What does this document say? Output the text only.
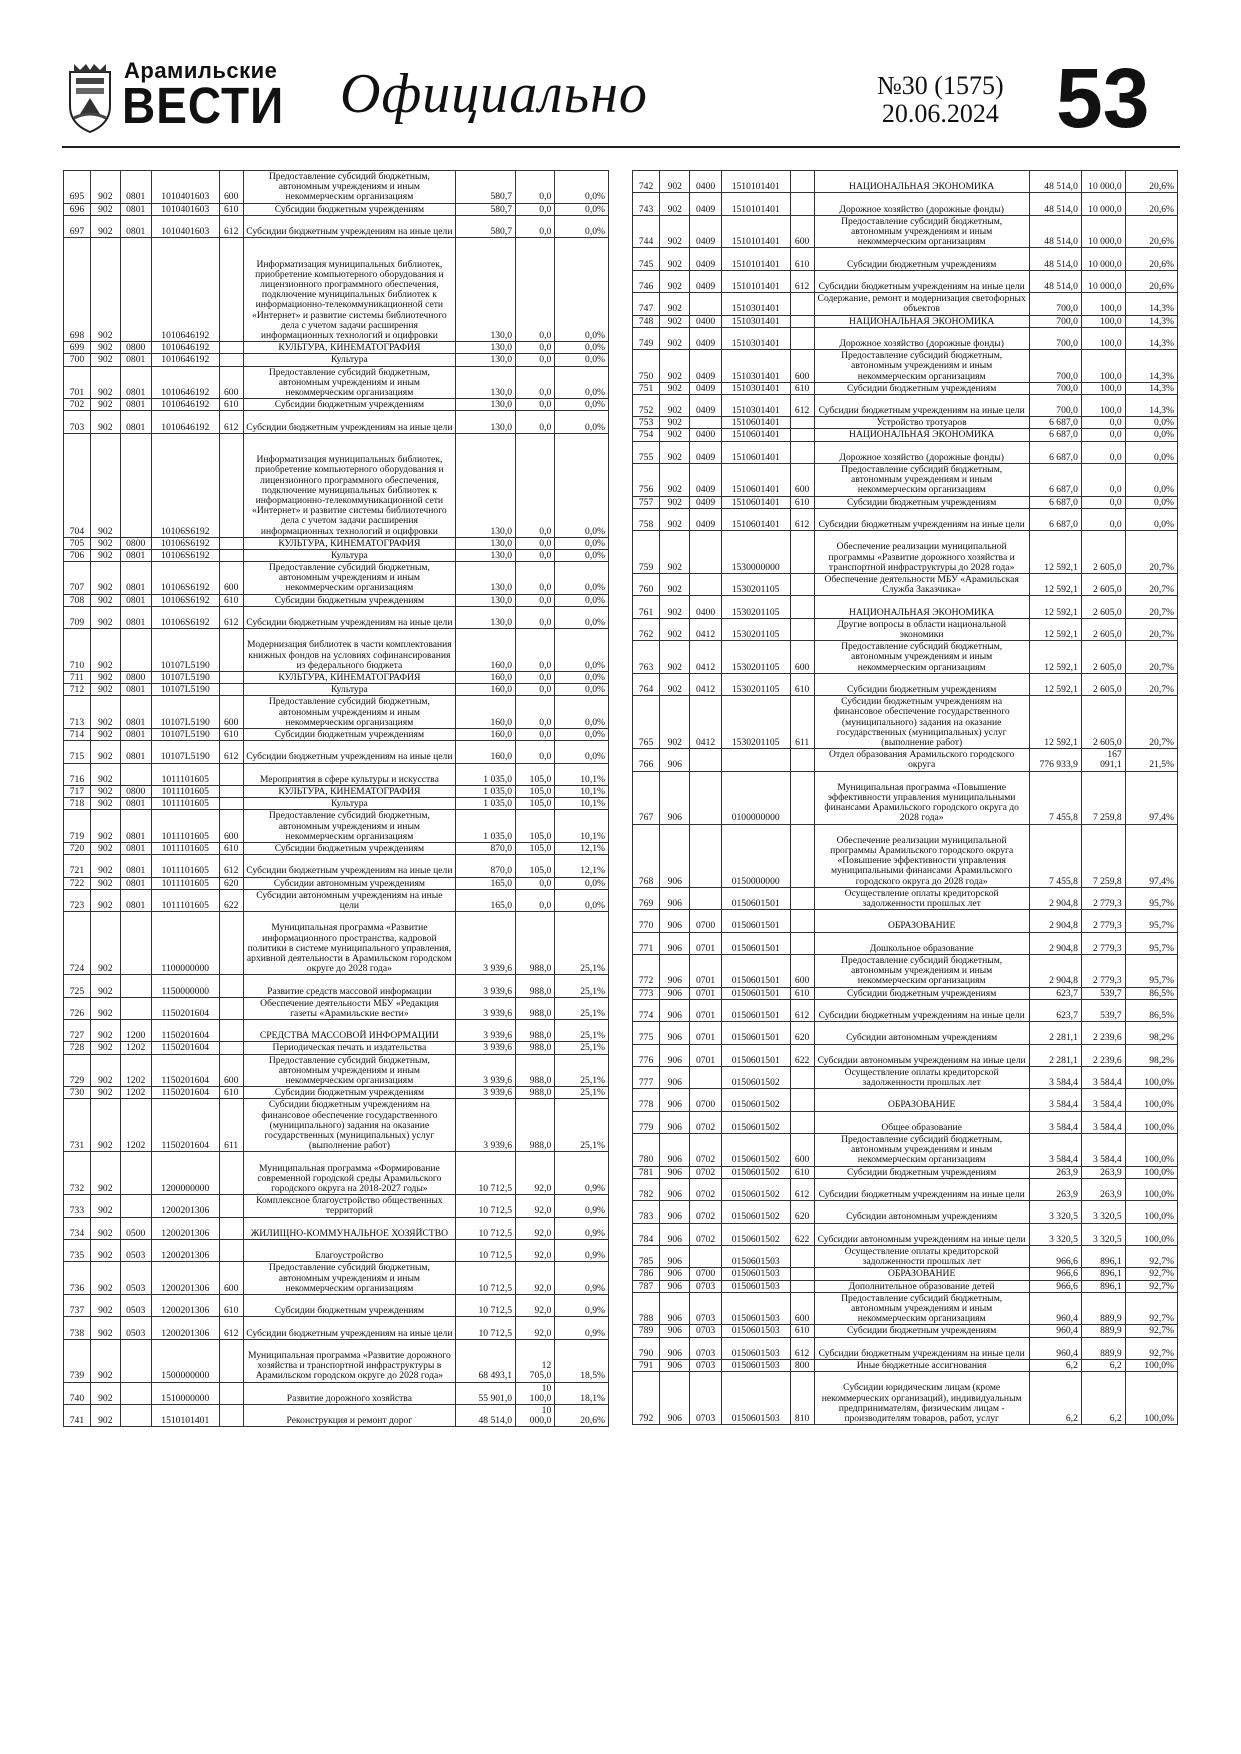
Арамильские
ВЕСТИ Официально	№30 (1575)
20.06.2024 53
695	902	0801	1010401603	600	Предоставление субсидий бюджетным, автономным учреждениям и иным некоммерческим организациям	580,7	0,0	0,0%
696	902	0801	1010401603	610	Субсидии бюджетным учреждениям	580,7	0,0	0,0%
697	902	0801	1010401603	612	Субсидии бюджетным учреждениям на иные цели	580,7	0,0	0,0%
698	902		1010646192		Информатизация муниципальных библиотек, приобретение компьютерного оборудования и лицензионного программного обеспечения, подключение муниципальных библиотек к информационно-телекоммуникационной сети «Интернет» и развитие системы библиотечного дела с учетом задачи расширения информационных технологий и оцифровки	130,0	0,0	0,0%
699	902	0800	1010646192		КУЛЬТУРА, КИНЕМАТОГРАФИЯ	130,0	0,0	0,0%
700	902	0801	1010646192		Культура	130,0	0,0	0,0%
701	902	0801	1010646192	600	Предоставление субсидий бюджетным, автономным учреждениям и иным некоммерческим организациям	130,0	0,0	0,0%
702	902	0801	1010646192	610	Субсидии бюджетным учреждениям	130,0	0,0	0,0%
703	902	0801	1010646192	612	Субсидии бюджетным учреждениям на иные цели	130,0	0,0	0,0%
704	902		10106S6192		Информатизация муниципальных библиотек, приобретение компьютерного оборудования и лицензионного программного обеспечения, подключение муниципальных библиотек к информационно-телекоммуникационной сети «Интернет» и развитие системы библиотечного дела с учетом задачи расширения информационных технологий и оцифровки	130,0	0,0	0,0%
705	902	0800	10106S6192		КУЛЬТУРА, КИНЕМАТОГРАФИЯ	130,0	0,0	0,0%
706	902	0801	10106S6192		Культура	130,0	0,0	0,0%
707	902	0801	10106S6192	600	Предоставление субсидий бюджетным, автономным учреждениям и иным некоммерческим организациям	130,0	0,0	0,0%
708	902	0801	10106S6192	610	Субсидии бюджетным учреждениям	130,0	0,0	0,0%
709	902	0801	10106S6192	612	Субсидии бюджетным учреждениям на иные цели	130,0	0,0	0,0%
710	902		10107L5190		Модернизация библиотек в части комплектования книжных фондов на условиях софинансирования из федерального бюджета	160,0	0,0	0,0%
711	902	0800	10107L5190		КУЛЬТУРА, КИНЕМАТОГРАФИЯ	160,0	0,0	0,0%
712	902	0801	10107L5190		Культура	160,0	0,0	0,0%
713	902	0801	10107L5190	600	Предоставление субсидий бюджетным, автономным учреждениям и иным некоммерческим организациям	160,0	0,0	0,0%
714	902	0801	10107L5190	610	Субсидии бюджетным учреждениям	160,0	0,0	0,0%
715	902	0801	10107L5190	612	Субсидии бюджетным учреждениям на иные цели	160,0	0,0	0,0%
716	902		1011101605		Мероприятия в сфере культуры и искусства	1 035,0	105,0	10,1%
717	902	0800	1011101605		КУЛЬТУРА, КИНЕМАТОГРАФИЯ	1 035,0	105,0	10,1%
718	902	0801	1011101605		Культура	1 035,0	105,0	10,1%
719	902	0801	1011101605	600	Предоставление субсидий бюджетным, автономным учреждениям и иным некоммерческим организациям	1 035,0	105,0	10,1%
720	902	0801	1011101605	610	Субсидии бюджетным учреждениям	870,0	105,0	12,1%
721	902	0801	1011101605	612	Субсидии бюджетным учреждениям на иные цели	870,0	105,0	12,1%
722	902	0801	1011101605	620	Субсидии автономным учреждениям	165,0	0,0	0,0%
723	902	0801	1011101605	622	Субсидии автономным учреждениям на иные цели	165,0	0,0	0,0%
724	902		1100000000		Муниципальная программа «Развитие информационного пространства, кадровой политики в системе муниципального управления, архивной деятельности в Арамильском городском округе до 2028 года»	3 939,6	988,0	25,1%
725	902		1150000000		Развитие средств массовой информации	3 939,6	988,0	25,1%
726	902		1150201604		Обеспечение деятельности МБУ «Редакция газеты «Арамильские вести»	3 939,6	988,0	25,1%
727	902	1200	1150201604		СРЕДСТВА МАССОВОЙ ИНФОРМАЦИИ	3 939,6	988,0	25,1%
728	902	1202	1150201604		Периодическая печать и издательства	3 939,6	988,0	25,1%
729	902	1202	1150201604	600	Предоставление субсидий бюджетным, автономным учреждениям и иным некоммерческим организациям	3 939,6	988,0	25,1%
730	902	1202	1150201604	610	Субсидии бюджетным учреждениям	3 939,6	988,0	25,1%
731	902	1202	1150201604	611	Субсидии бюджетным учреждениям на финансовое обеспечение государственного (муниципального) задания на оказание государственных (муниципальных) услуг (выполнение работ)	3 939,6	988,0	25,1%
732	902		1200000000		Муниципальная программа «Формирование современной городской среды Арамильского городского округа на 2018-2027 годы»	10 712,5	92,0	0,9%
733	902		1200201306		Комплексное благоустройство общественных территорий	10 712,5	92,0	0,9%
734	902	0500	1200201306		ЖИЛИЩНО-КОММУНАЛЬНОЕ ХОЗЯЙСТВО	10 712,5	92,0	0,9%
735	902	0503	1200201306		Благоустройство	10 712,5	92,0	0,9%
736	902	0503	1200201306	600	Предоставление субсидий бюджетным, автономным учреждениям и иным некоммерческим организациям	10 712,5	92,0	0,9%
737	902	0503	1200201306	610	Субсидии бюджетным учреждениям	10 712,5	92,0	0,9%
738	902	0503	1200201306	612	Субсидии бюджетным учреждениям на иные цели	10 712,5	92,0	0,9%
739	902		1500000000		Муниципальная программа «Развитие дорожного хозяйства и транспортной инфраструктуры в Арамильском городском округе до 2028 года»	68 493,1	12 705,0	18,5%
740	902		1510000000		Развитие дорожного хозяйства	55 901,0	10 100,0	18,1%
741	902		1510101401		Реконструкция и ремонт дорог	48 514,0	10 000,0	20,6%
742	902	0400	1510101401		НАЦИОНАЛЬНАЯ ЭКОНОМИКА	48 514,0	10 000,0	20,6%
743	902	0409	1510101401		Дорожное хозяйство (дорожные фонды)	48 514,0	10 000,0	20,6%
744	902	0409	1510101401	600	Предоставление субсидий бюджетным, автономным учреждениям и иным некоммерческим организациям	48 514,0	10 000,0	20,6%
745	902	0409	1510101401	610	Субсидии бюджетным учреждениям	48 514,0	10 000,0	20,6%
746	902	0409	1510101401	612	Субсидии бюджетным учреждениям на иные цели	48 514,0	10 000,0	20,6%
747	902		1510301401		Содержание, ремонт и модернизация светофорных объектов	700,0	100,0	14,3%
748	902	0400	1510301401		НАЦИОНАЛЬНАЯ ЭКОНОМИКА	700,0	100,0	14,3%
749	902	0409	1510301401		Дорожное хозяйство (дорожные фонды)	700,0	100,0	14,3%
750	902	0409	1510301401	600	Предоставление субсидий бюджетным, автономным учреждениям и иным некоммерческим организациям	700,0	100,0	14,3%
751	902	0409	1510301401	610	Субсидии бюджетным учреждениям	700,0	100,0	14,3%
752	902	0409	1510301401	612	Субсидии бюджетным учреждениям на иные цели	700,0	100,0	14,3%
753	902		1510601401		Устройство тротуаров	6 687,0	0,0	0,0%
754	902	0400	1510601401		НАЦИОНАЛЬНАЯ ЭКОНОМИКА	6 687,0	0,0	0,0%
755	902	0409	1510601401		Дорожное хозяйство (дорожные фонды)	6 687,0	0,0	0,0%
756	902	0409	1510601401	600	Предоставление субсидий бюджетным, автономным учреждениям и иным некоммерческим организациям	6 687,0	0,0	0,0%
757	902	0409	1510601401	610	Субсидии бюджетным учреждениям	6 687,0	0,0	0,0%
758	902	0409	1510601401	612	Субсидии бюджетным учреждениям на иные цели	6 687,0	0,0	0,0%
759	902		1530000000		Обеспечение реализации муниципальной программы «Развитие дорожного хозяйства и транспортной инфраструктуры до 2028 года»	12 592,1	2 605,0	20,7%
760	902		1530201105		Обеспечение деятельности МБУ «Арамильская Служба Заказчика»	12 592,1	2 605,0	20,7%
761	902	0400	1530201105		НАЦИОНАЛЬНАЯ ЭКОНОМИКА	12 592,1	2 605,0	20,7%
762	902	0412	1530201105		Другие вопросы в области национальной экономики	12 592,1	2 605,0	20,7%
763	902	0412	1530201105	600	Предоставление субсидий бюджетным, автономным учреждениям и иным некоммерческим организациям	12 592,1	2 605,0	20,7%
764	902	0412	1530201105	610	Субсидии бюджетным учреждениям	12 592,1	2 605,0	20,7%
765	902	0412	1530201105	611	Субсидии бюджетным учреждениям на финансовое обеспечение государственного (муниципального) задания на оказание государственных (муниципальных) услуг (выполнение работ)	12 592,1	2 605,0	20,7%
766	906				Отдел образования Арамильского городского округа	776 933,9	167 091,1	21,5%
767	906		0100000000		Муниципальная программа «Повышение эффективности управления муниципальными финансами Арамильского городского округа до 2028 года»	7 455,8	7 259,8	97,4%
768	906		0150000000		Обеспечение реализации муниципальной программы Арамильского городского округа «Повышение эффективности управления муниципальными финансами Арамильского городского округа до 2028 года»	7 455,8	7 259,8	97,4%
769	906		0150601501		Осуществление оплаты кредиторской задолженности прошлых лет	2 904,8	2 779,3	95,7%
770	906	0700	0150601501		ОБРАЗОВАНИЕ	2 904,8	2 779,3	95,7%
771	906	0701	0150601501		Дошкольное образование	2 904,8	2 779,3	95,7%
772	906	0701	0150601501	600	Предоставление субсидий бюджетным, автономным учреждениям и иным некоммерческим организациям	2 904,8	2 779,3	95,7%
773	906	0701	0150601501	610	Субсидии бюджетным учреждениям	623,7	539,7	86,5%
774	906	0701	0150601501	612	Субсидии бюджетным учреждениям на иные цели	623,7	539,7	86,5%
775	906	0701	0150601501	620	Субсидии автономным учреждениям	2 281,1	2 239,6	98,2%
776	906	0701	0150601501	622	Субсидии автономным учреждениям на иные цели	2 281,1	2 239,6	98,2%
777	906		0150601502		Осуществление оплаты кредиторской задолженности прошлых лет	3 584,4	3 584,4	100,0%
778	906	0700	0150601502		ОБРАЗОВАНИЕ	3 584,4	3 584,4	100,0%
779	906	0702	0150601502		Общее образование	3 584,4	3 584,4	100,0%
780	906	0702	0150601502	600	Предоставление субсидий бюджетным, автономным учреждениям и иным некоммерческим организациям	3 584,4	3 584,4	100,0%
781	906	0702	0150601502	610	Субсидии бюджетным учреждениям	263,9	263,9	100,0%
782	906	0702	0150601502	612	Субсидии бюджетным учреждениям на иные цели	263,9	263,9	100,0%
783	906	0702	0150601502	620	Субсидии автономным учреждениям	3 320,5	3 320,5	100,0%
784	906	0702	0150601502	622	Субсидии автономным учреждениям на иные цели	3 320,5	3 320,5	100,0%
785	906		0150601503		Осуществление оплаты кредиторской задолженности прошлых лет	966,6	896,1	92,7%
786	906	0700	0150601503		ОБРАЗОВАНИЕ	966,6	896,1	92,7%
787	906	0703	0150601503		Дополнительное образование детей	966,6	896,1	92,7%
788	906	0703	0150601503	600	Предоставление субсидий бюджетным, автономным учреждениям и иным некоммерческим организациям	960,4	889,9	92,7%
789	906	0703	0150601503	610	Субсидии бюджетным учреждениям	960,4	889,9	92,7%
790	906	0703	0150601503	612	Субсидии бюджетным учреждениям на иные цели	960,4	889,9	92,7%
791	906	0703	0150601503	800	Иные бюджетные ассигнования	6,2	6,2	100,0%
792	906	0703	0150601503	810	Субсидии юридическим лицам (кроме некоммерческих организаций), индивидуальным предпринимателям, физическим лицам - производителям товаров, работ, услуг	6,2	6,2	100,0%
